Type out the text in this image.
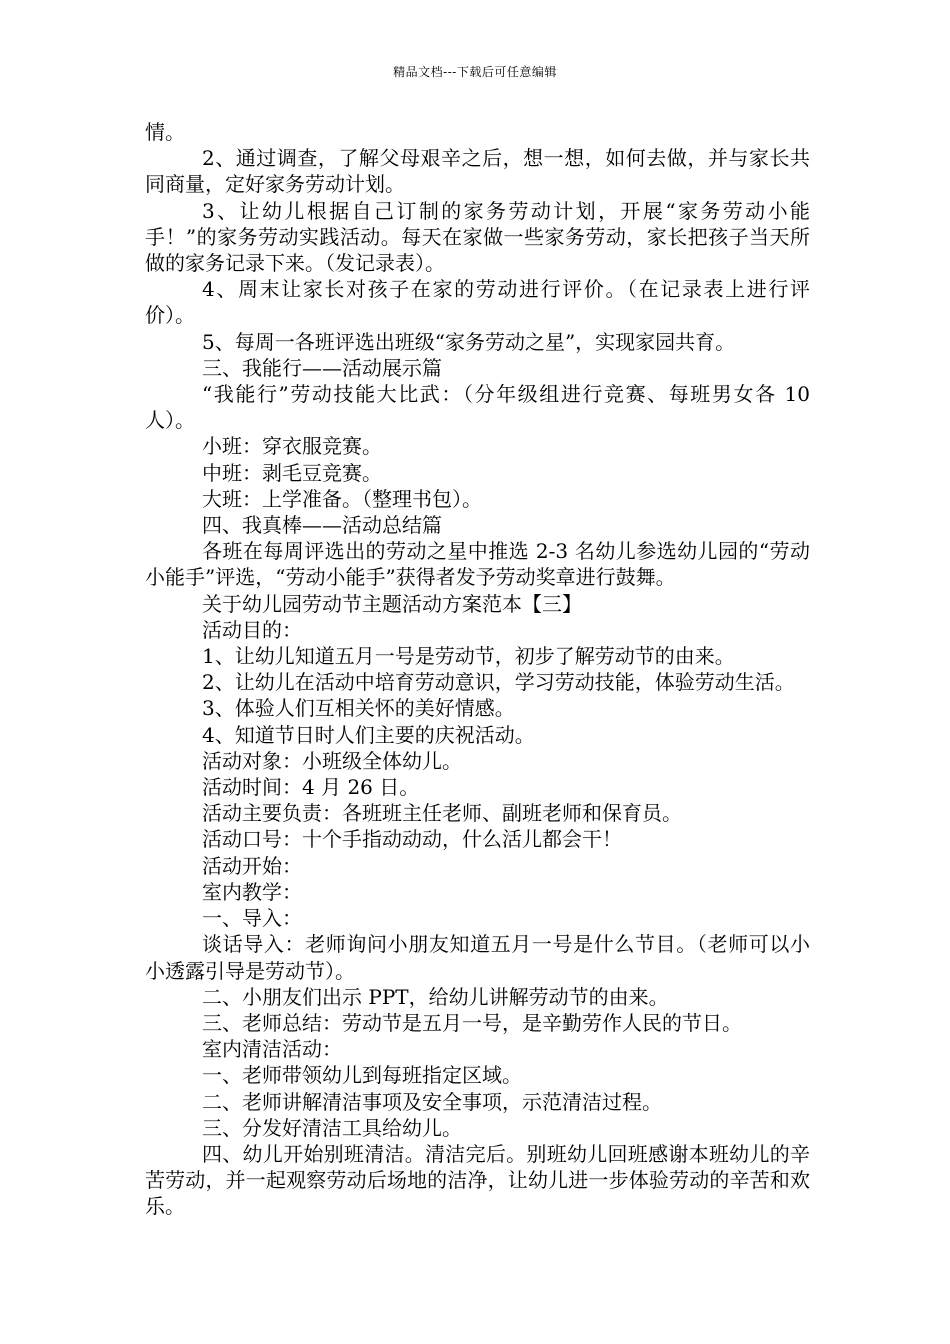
精品文档---下载后可任意编辑

情。

2、通过调查，了解父母艰辛之后，想一想，如何去做，并与家长共同商量，定好家务劳动计划。

3、让幼儿根据自己订制的家务劳动计划，开展“家务劳动小能手！”的家务劳动实践活动。每天在家做一些家务劳动，家长把孩子当天所做的家务记录下来。（发记录表）。

4、周末让家长对孩子在家的劳动进行评价。（在记录表上进行评价）。

5、每周一各班评选出班级“家务劳动之星”，实现家园共育。

三、我能行——活动展示篇

“我能行”劳动技能大比武：（分年级组进行竞赛、每班男女各 10 人）。

小班：穿衣服竞赛。

中班：剥毛豆竞赛。

大班：上学准备。（整理书包）。

四、我真棒——活动总结篇

各班在每周评选出的劳动之星中推选 2-3 名幼儿参选幼儿园的“劳动小能手”评选，“劳动小能手”获得者发予劳动奖章进行鼓舞。

关于幼儿园劳动节主题活动方案范本【三】

活动目的：

1、让幼儿知道五月一号是劳动节，初步了解劳动节的由来。

2、让幼儿在活动中培育劳动意识，学习劳动技能，体验劳动生活。

3、体验人们互相关怀的美好情感。

4、知道节日时人们主要的庆祝活动。

活动对象：小班级全体幼儿。

活动时间：4 月 26 日。

活动主要负责：各班班主任老师、副班老师和保育员。

活动口号：十个手指动动动，什么活儿都会干！

活动开始：

室内教学：

一、导入：

谈话导入：老师询问小朋友知道五月一号是什么节目。（老师可以小小透露引导是劳动节）。

二、小朋友们出示 PPT，给幼儿讲解劳动节的由来。

三、老师总结：劳动节是五月一号，是辛勤劳作人民的节日。

室内清洁活动：

一、老师带领幼儿到每班指定区域。

二、老师讲解清洁事项及安全事项，示范清洁过程。

三、分发好清洁工具给幼儿。

四、幼儿开始别班清洁。清洁完后。别班幼儿回班感谢本班幼儿的辛苦劳动，并一起观察劳动后场地的洁净，让幼儿进一步体验劳动的辛苦和欢乐。
